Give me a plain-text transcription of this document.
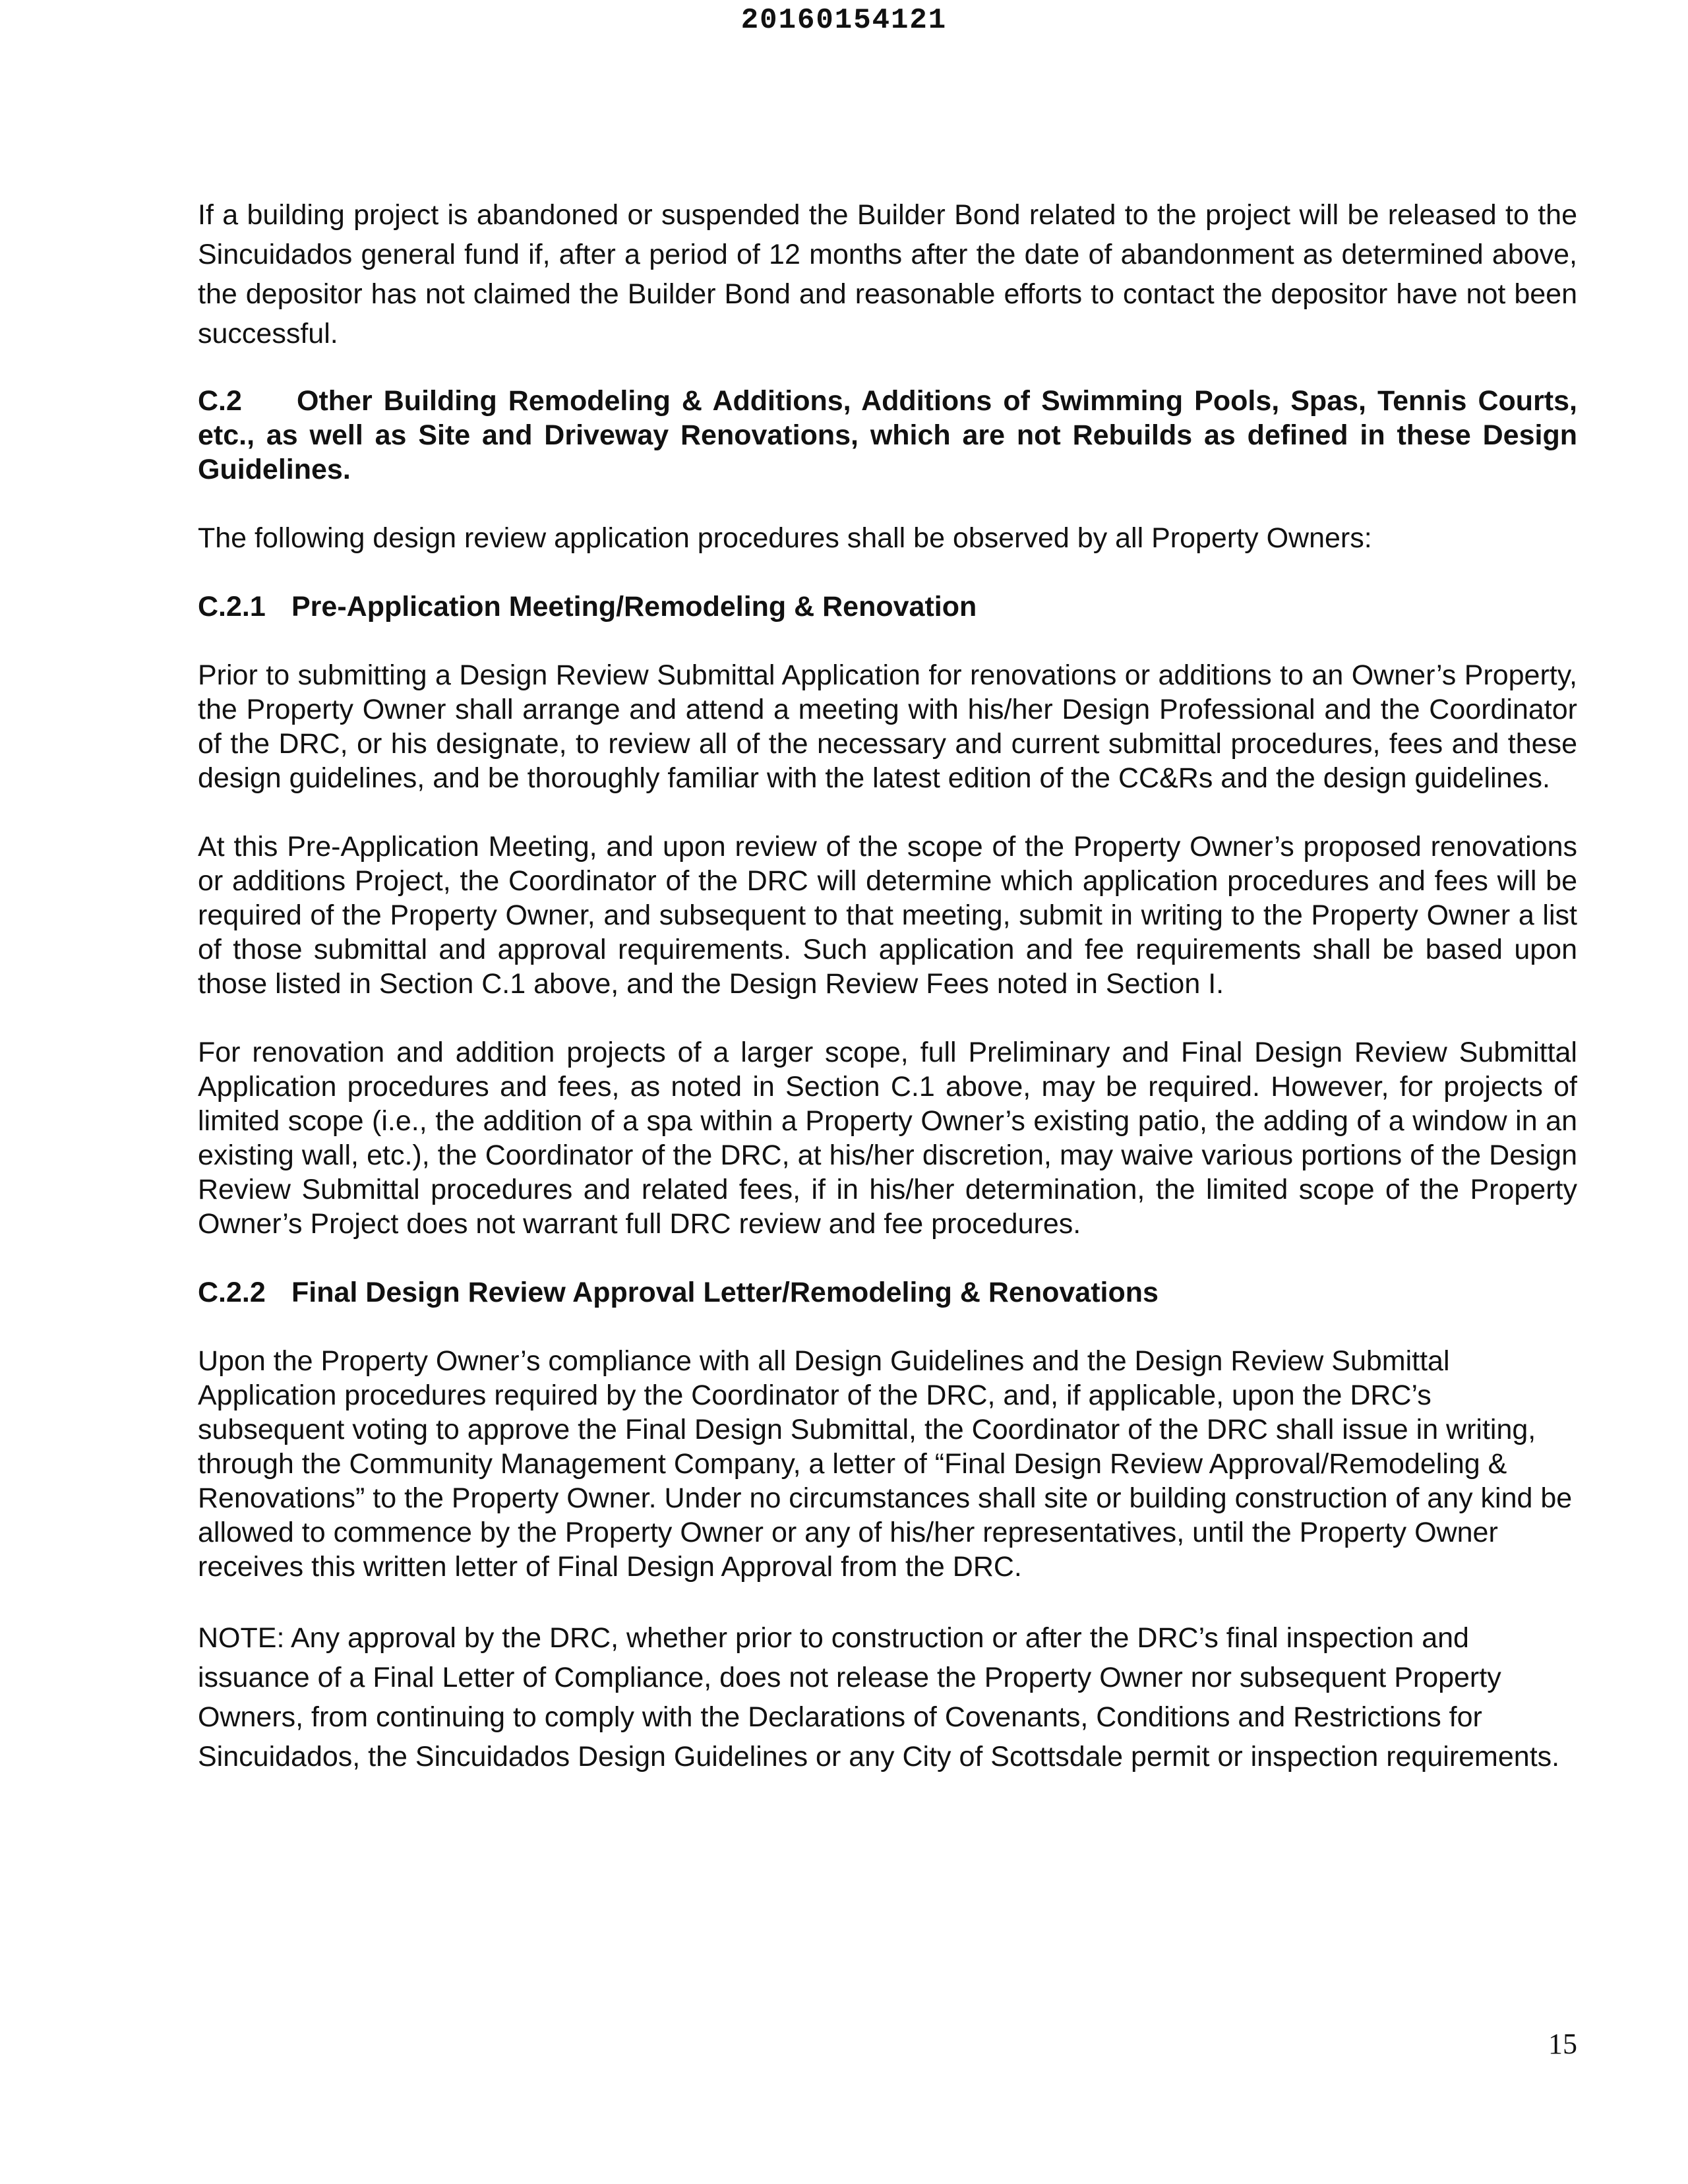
20160154121

If a building project is abandoned or suspended the Builder Bond related to the project will be released to the Sincuidados general fund if, after a period of 12 months after the date of abandonment as determined above, the depositor has not claimed the Builder Bond and reasonable efforts to contact the depositor have not been successful.

C.2 Other Building Remodeling & Additions, Additions of Swimming Pools, Spas, Tennis Courts, etc., as well as Site and Driveway Renovations, which are not Rebuilds as defined in these Design Guidelines.

The following design review application procedures shall be observed by all Property Owners:

C.2.1 Pre-Application Meeting/Remodeling & Renovation

Prior to submitting a Design Review Submittal Application for renovations or additions to an Owner’s Property, the Property Owner shall arrange and attend a meeting with his/her Design Professional and the Coordinator of the DRC, or his designate, to review all of the necessary and current submittal procedures, fees and these design guidelines, and be thoroughly familiar with the latest edition of the CC&Rs and the design guidelines.

At this Pre-Application Meeting, and upon review of the scope of the Property Owner’s proposed renovations or additions Project, the Coordinator of the DRC will determine which application procedures and fees will be required of the Property Owner, and subsequent to that meeting, submit in writing to the Property Owner a list of those submittal and approval requirements. Such application and fee requirements shall be based upon those listed in Section C.1 above, and the Design Review Fees noted in Section I.

For renovation and addition projects of a larger scope, full Preliminary and Final Design Review Submittal Application procedures and fees, as noted in Section C.1 above, may be required. However, for projects of limited scope (i.e., the addition of a spa within a Property Owner’s existing patio, the adding of a window in an existing wall, etc.), the Coordinator of the DRC, at his/her discretion, may waive various portions of the Design Review Submittal procedures and related fees, if in his/her determination, the limited scope of the Property Owner’s Project does not warrant full DRC review and fee procedures.

C.2.2 Final Design Review Approval Letter/Remodeling & Renovations

Upon the Property Owner’s compliance with all Design Guidelines and the Design Review Submittal Application procedures required by the Coordinator of the DRC, and, if applicable, upon the DRC’s subsequent voting to approve the Final Design Submittal, the Coordinator of the DRC shall issue in writing, through the Community Management Company, a letter of “Final Design Review Approval/Remodeling & Renovations” to the Property Owner. Under no circumstances shall site or building construction of any kind be allowed to commence by the Property Owner or any of his/her representatives, until the Property Owner receives this written letter of Final Design Approval from the DRC.

NOTE: Any approval by the DRC, whether prior to construction or after the DRC’s final inspection and issuance of a Final Letter of Compliance, does not release the Property Owner nor subsequent Property Owners, from continuing to comply with the Declarations of Covenants, Conditions and Restrictions for Sincuidados, the Sincuidados Design Guidelines or any City of Scottsdale permit or inspection requirements.

15
